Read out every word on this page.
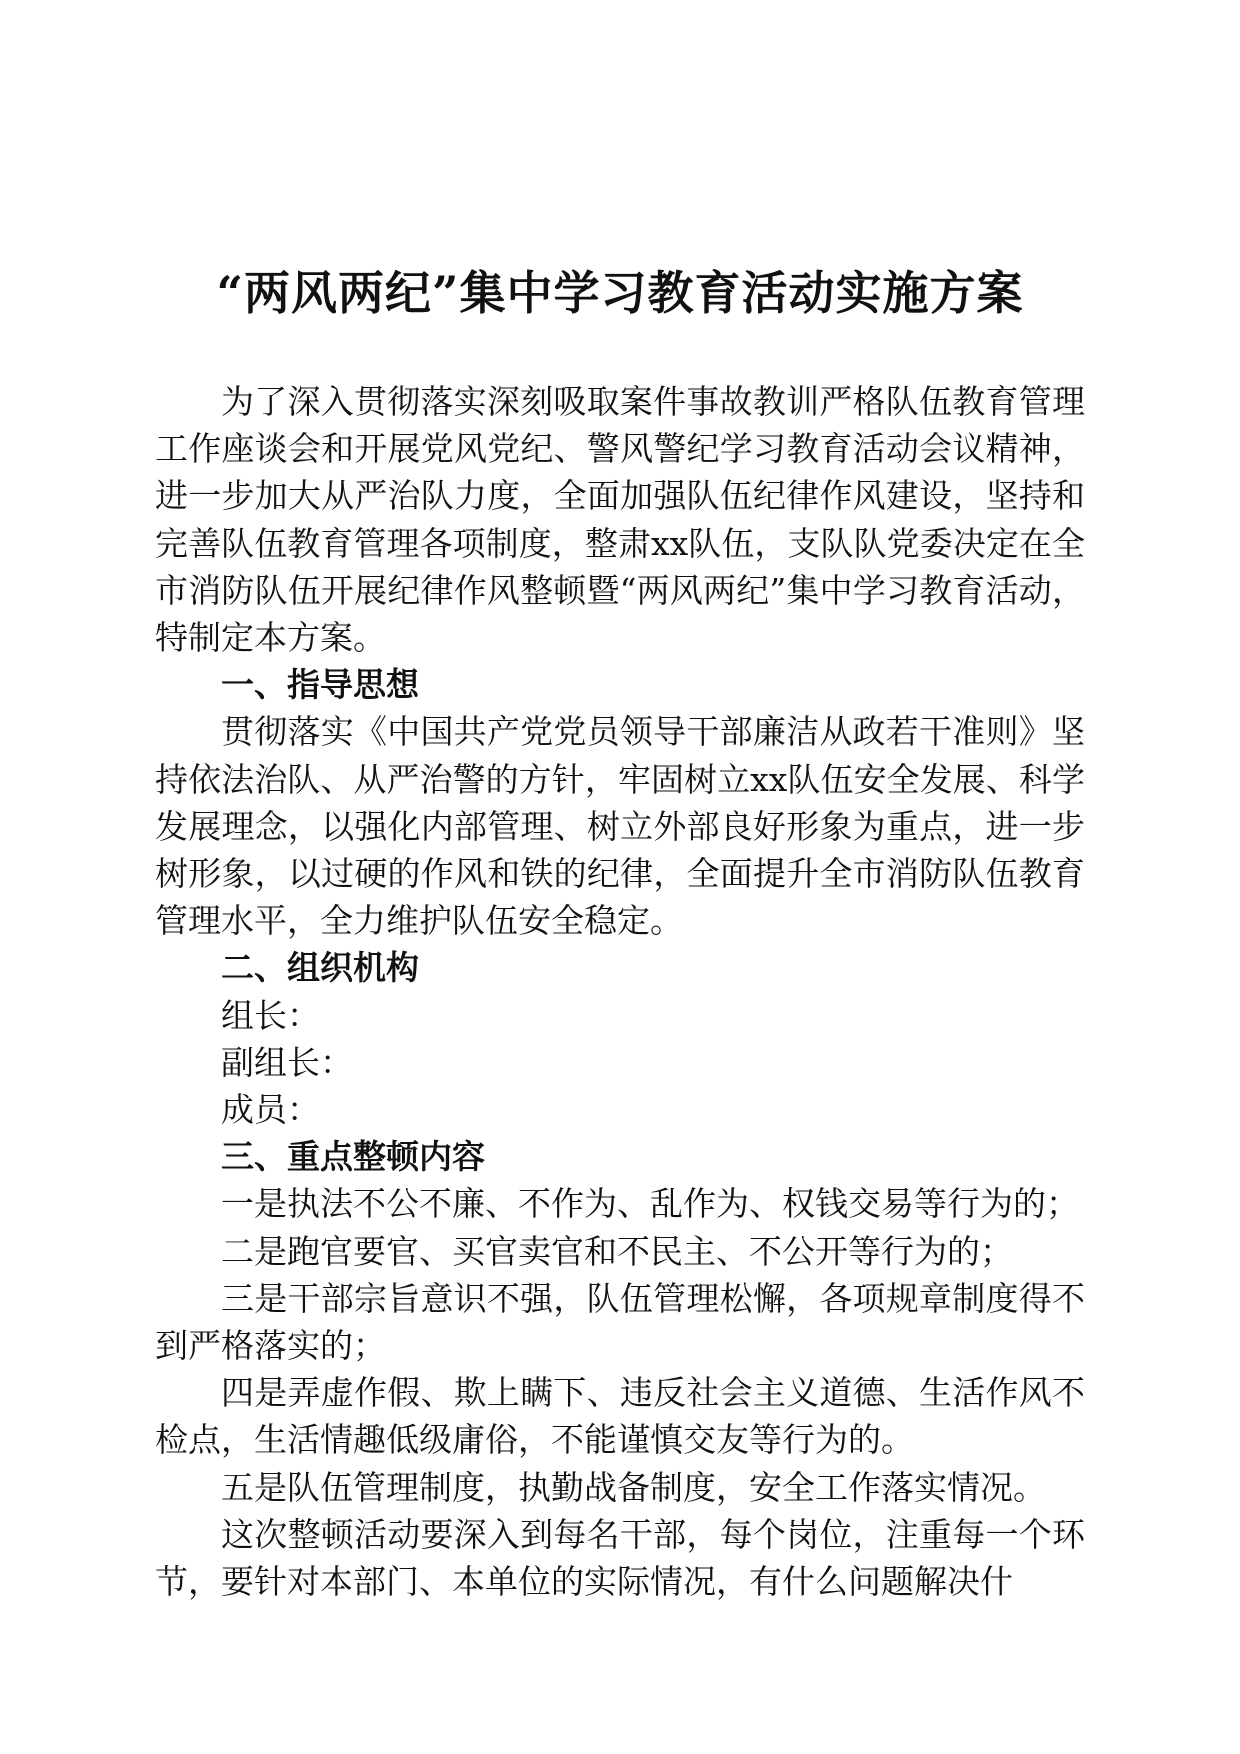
“两风两纪”集中学习教育活动实施方案

为了深入贯彻落实深刻吸取案件事故教训严格队伍教育管理工作座谈会和开展党风党纪、警风警纪学习教育活动会议精神，进一步加大从严治队力度，全面加强队伍纪律作风建设，坚持和完善队伍教育管理各项制度，整肃xx队伍，支队队党委决定在全市消防队伍开展纪律作风整顿暨“两风两纪”集中学习教育活动，特制定本方案。

一、指导思想

贯彻落实《中国共产党党员领导干部廉洁从政若干准则》坚持依法治队、从严治警的方针，牢固树立xx队伍安全发展、科学发展理念，以强化内部管理、树立外部良好形象为重点，进一步树形象，以过硬的作风和铁的纪律，全面提升全市消防队伍教育管理水平，全力维护队伍安全稳定。

二、组织机构

组长：

副组长：

成员：

三、重点整顿内容

一是执法不公不廉、不作为、乱作为、权钱交易等行为的；

二是跑官要官、买官卖官和不民主、不公开等行为的；

三是干部宗旨意识不强，队伍管理松懈，各项规章制度得不到严格落实的；

四是弄虚作假、欺上瞒下、违反社会主义道德、生活作风不检点，生活情趣低级庸俗，不能谨慎交友等行为的。

五是队伍管理制度，执勤战备制度，安全工作落实情况。

这次整顿活动要深入到每名干部，每个岗位，注重每一个环节，要针对本部门、本单位的实际情况，有什么问题解决什
